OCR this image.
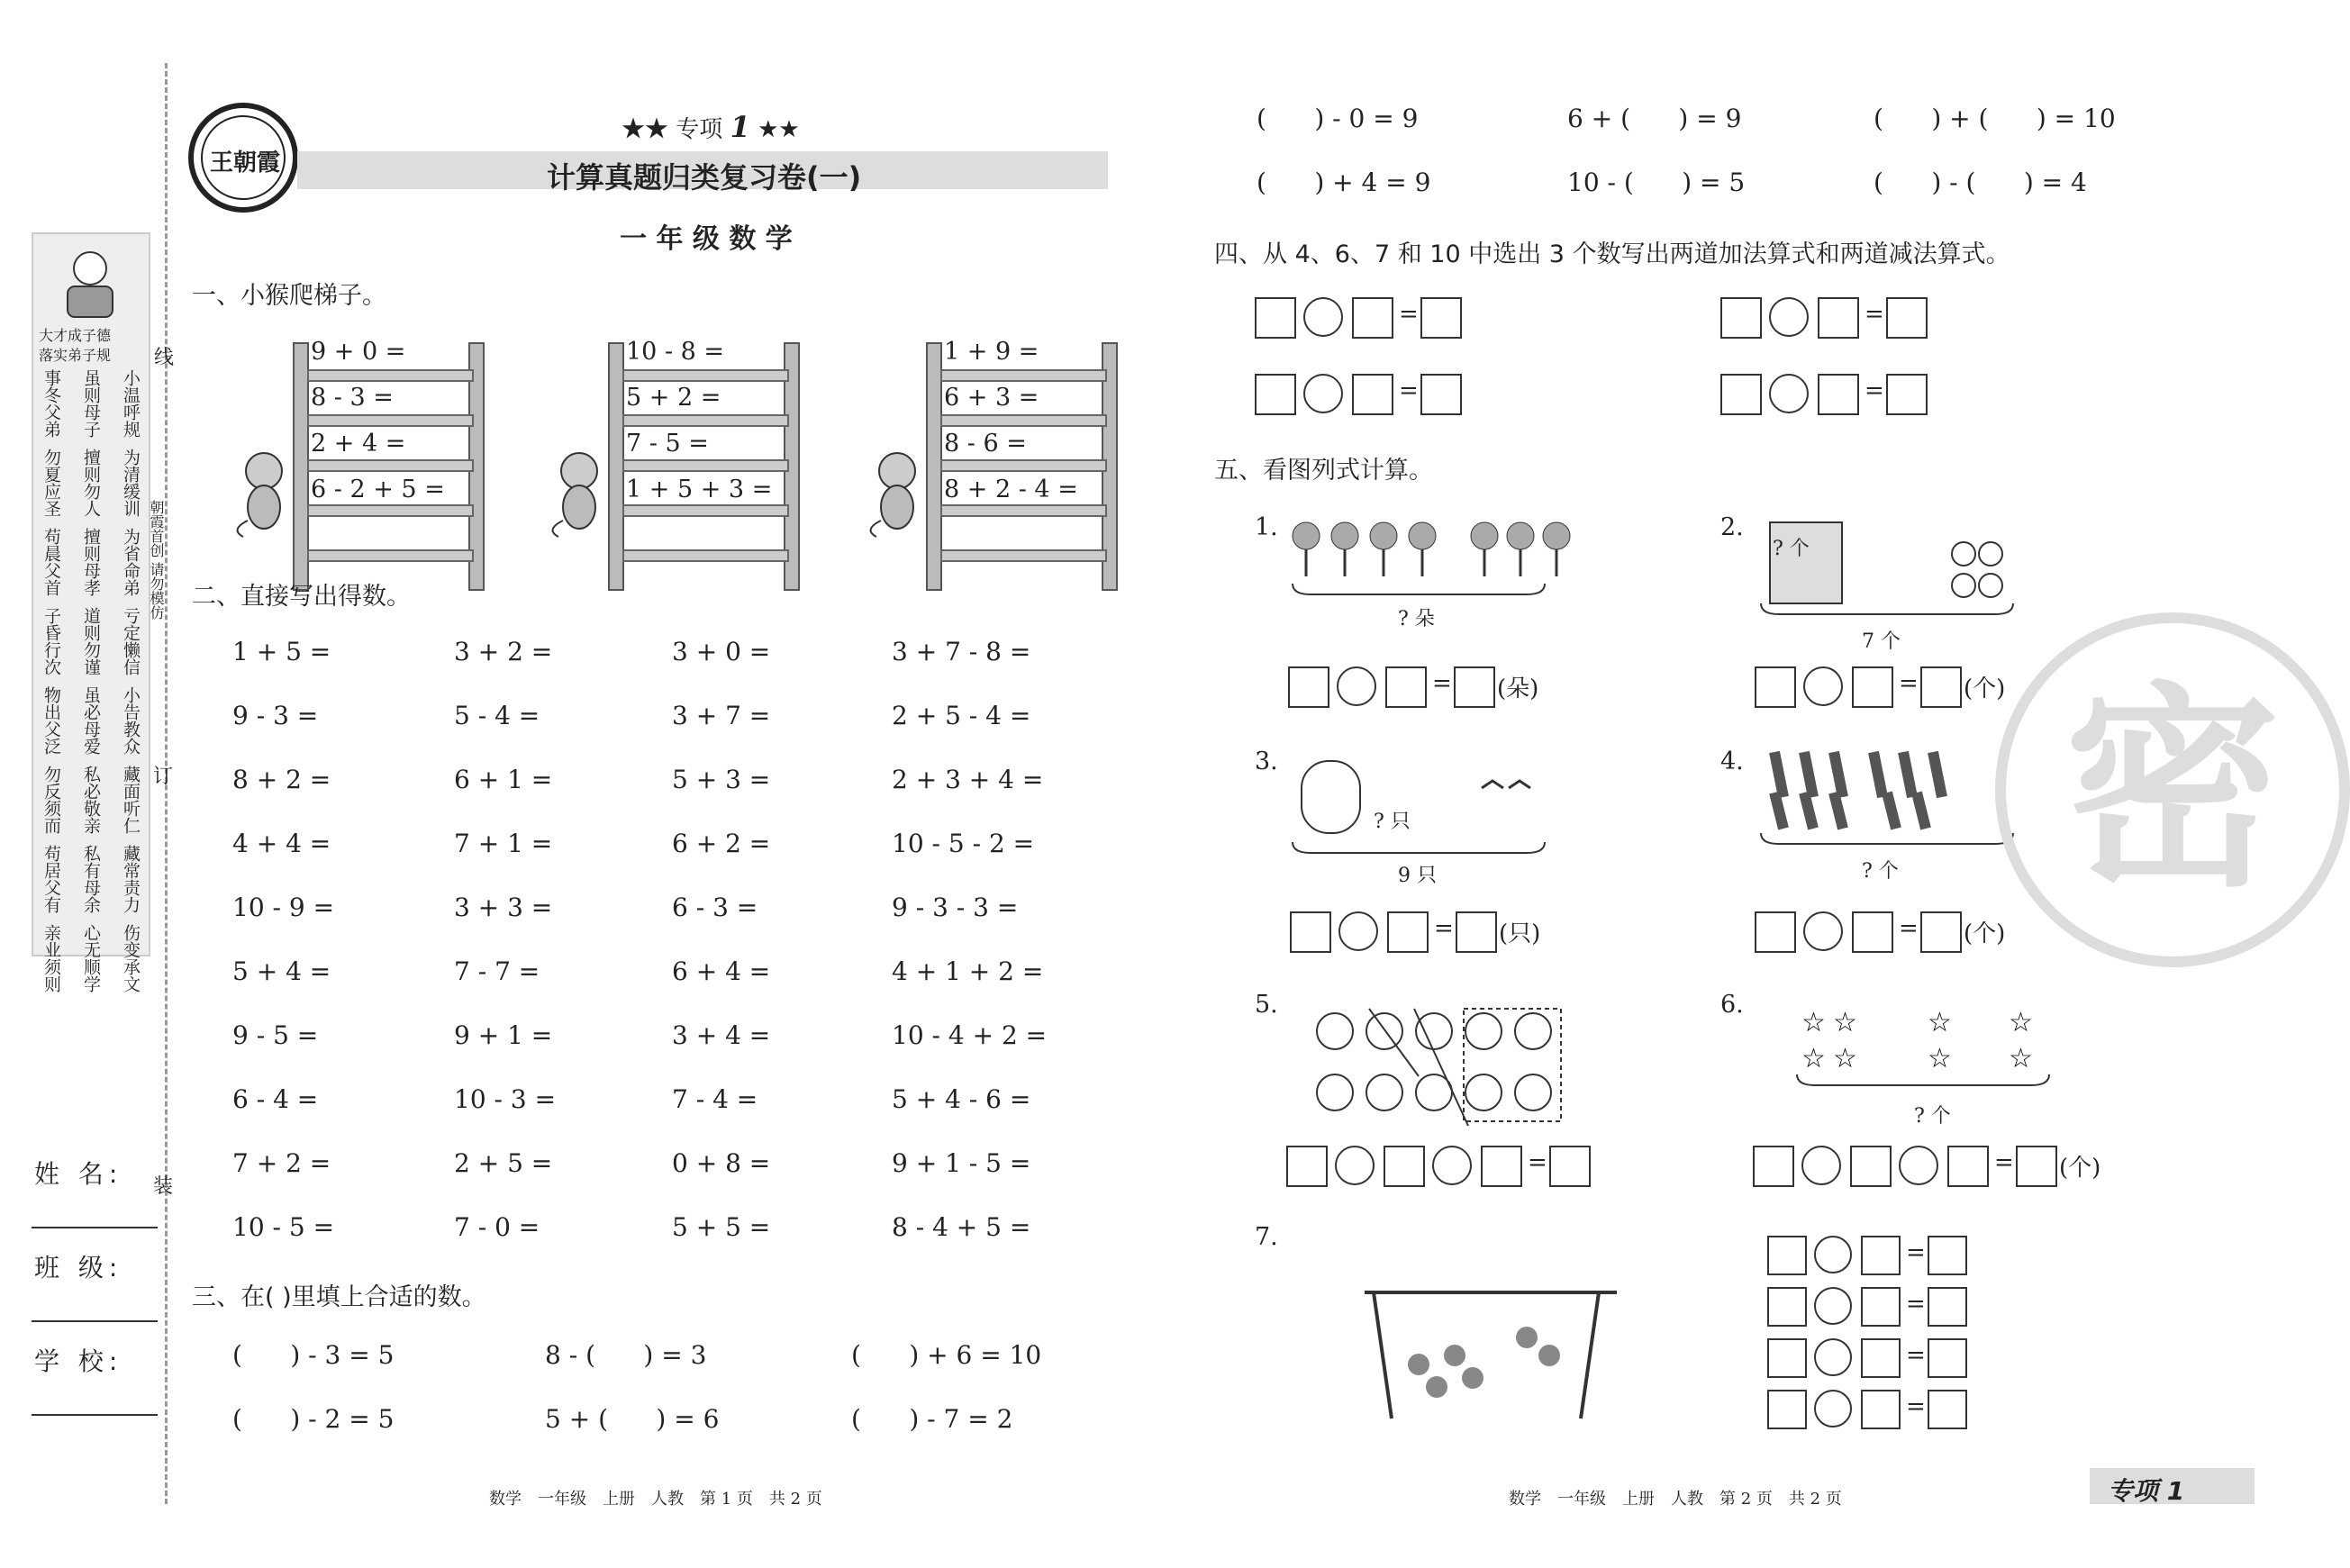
大才成子德
落实弟子规
事冬父弟 虽则母子 小温呼规
勿夏应圣 擅则勿人 为清缓训
苟晨父首 擅则母孝 为省命弟
子昏行次 道则勿谨 亏定懒信
物出父泛 虽必母爱 小告教众
勿反须而 私必敬亲 藏面听仁
苟居父有 私有母余 藏常责力
亲业须则 心无顺学 伤变承文
线
订
装
朝霞首创 请勿模仿
姓 名:
班 级:
学 校:
王朝霞
★★ 专项 1 ★★
计算真题归类复习卷(一)
一 年 级 数 学
一、小猴爬梯子。
9 + 0 =
8 - 3 =
2 + 4 =
6 - 2 + 5 =
10 - 8 =
5 + 2 =
7 - 5 =
1 + 5 + 3 =
1 + 9 =
6 + 3 =
8 - 6 =
8 + 2 - 4 =
二、直接写出得数。
1 + 5 =	3 + 2 =	3 + 0 =	3 + 7 - 8 =
9 - 3 =	5 - 4 =	3 + 7 =	2 + 5 - 4 =
8 + 2 =	6 + 1 =	5 + 3 =	2 + 3 + 4 =
4 + 4 =	7 + 1 =	6 + 2 =	10 - 5 - 2 =
10 - 9 =	3 + 3 =	6 - 3 =	9 - 3 - 3 =
5 + 4 =	7 - 7 =	6 + 4 =	4 + 1 + 2 =
9 - 5 =	9 + 1 =	3 + 4 =	10 - 4 + 2 =
6 - 4 =	10 - 3 =	7 - 4 =	5 + 4 - 6 =
7 + 2 =	2 + 5 =	0 + 8 =	9 + 1 - 5 =
10 - 5 =	7 - 0 =	5 + 5 =	8 - 4 + 5 =
三、在( )里填上合适的数。
(      ) - 3 = 5	8 - (      ) = 3	(      ) + 6 = 10
(      ) - 2 = 5	5 + (      ) = 6	(      ) - 7 = 2
(      ) - 0 = 9	6 + (      ) = 9	(      ) + (      ) = 10
(      ) + 4 = 9	10 - (      ) = 5	(      ) - (      ) = 4
四、从 4、6、7 和 10 中选出 3 个数写出两道加法算式和两道减法算式。
=
=
=
=
五、看图列式计算。
1.
? 朵
= (朵)
2.
7 个
? 个
= (个)
3.
9 只
? 只
= (只)
4.
? 个
= (个)
5.
=
6.
☆
☆
☆
☆
☆
☆
☆
☆
? 个
= (个)
7.
=
=
=
=
密
数学　一年级　上册　人教　第 1 页　共 2 页	数学　一年级　上册　人教　第 2 页　共 2 页	专项 1
